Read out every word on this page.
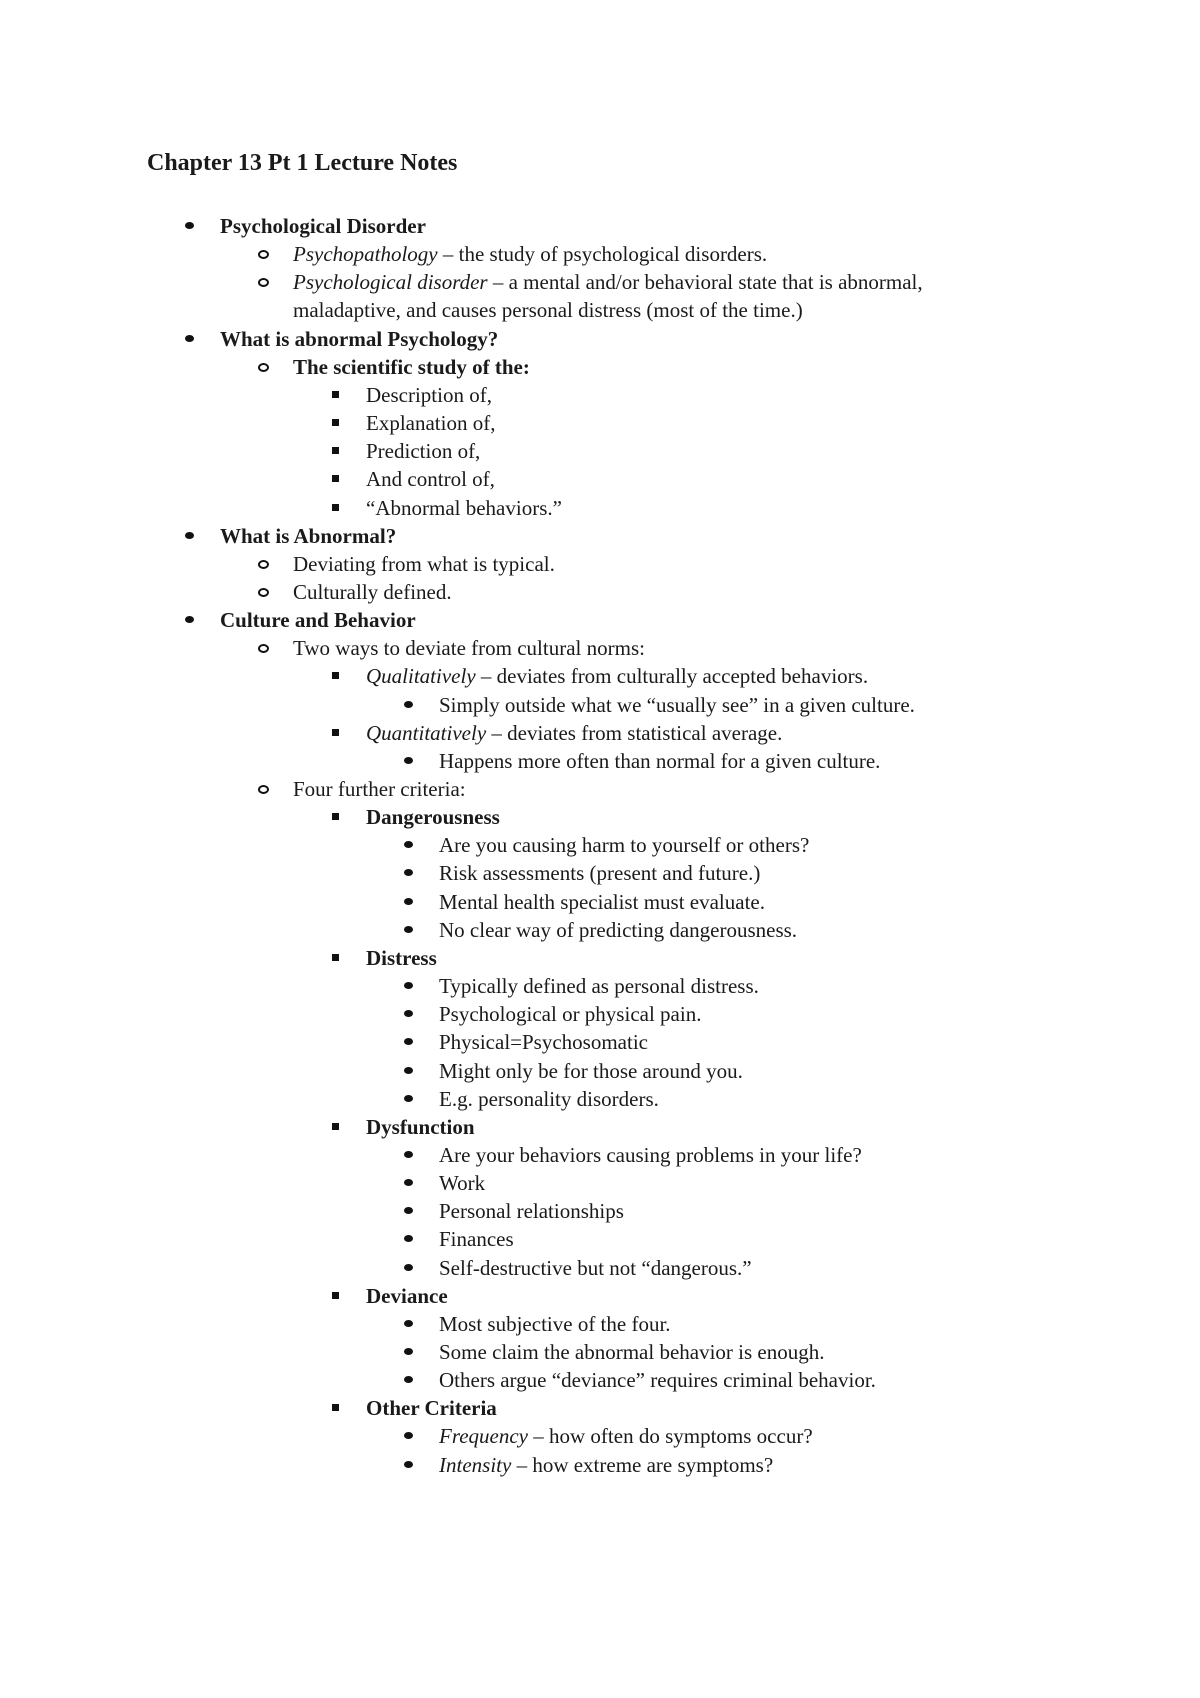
Chapter 13 Pt 1 Lecture Notes
Psychological Disorder
Psychopathology – the study of psychological disorders.
Psychological disorder – a mental and/or behavioral state that is abnormal,
maladaptive, and causes personal distress (most of the time.)
What is abnormal Psychology?
The scientific study of the:
Description of,
Explanation of,
Prediction of,
And control of,
“Abnormal behaviors.”
What is Abnormal?
Deviating from what is typical.
Culturally defined.
Culture and Behavior
Two ways to deviate from cultural norms:
Qualitatively – deviates from culturally accepted behaviors.
Simply outside what we “usually see” in a given culture.
Quantitatively – deviates from statistical average.
Happens more often than normal for a given culture.
Four further criteria:
Dangerousness
Are you causing harm to yourself or others?
Risk assessments (present and future.)
Mental health specialist must evaluate.
No clear way of predicting dangerousness.
Distress
Typically defined as personal distress.
Psychological or physical pain.
Physical=Psychosomatic
Might only be for those around you.
E.g. personality disorders.
Dysfunction
Are your behaviors causing problems in your life?
Work
Personal relationships
Finances
Self-destructive but not “dangerous.”
Deviance
Most subjective of the four.
Some claim the abnormal behavior is enough.
Others argue “deviance” requires criminal behavior.
Other Criteria
Frequency – how often do symptoms occur?
Intensity – how extreme are symptoms?
